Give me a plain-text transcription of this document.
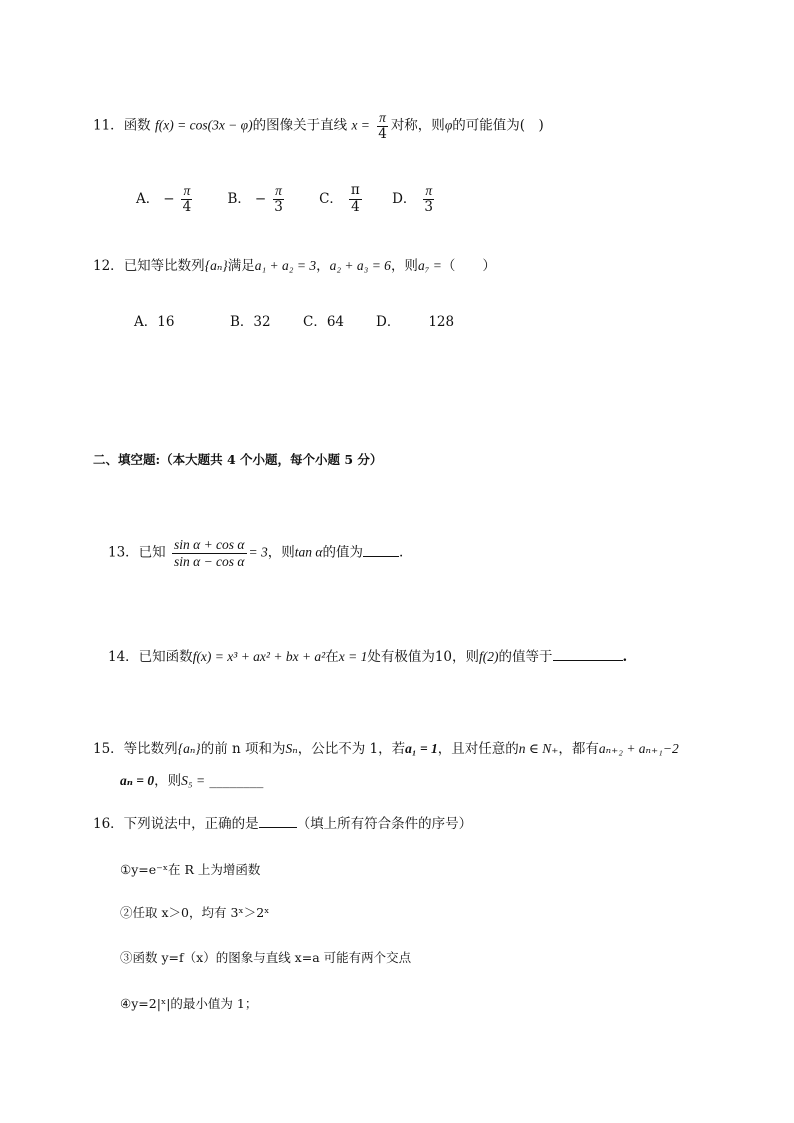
11．函数 f(x) = cos(3x − φ)的图像关于直线 $x = \frac{\pi}{4}$ 对称，则φ的可能值为(　)
A． − $\frac{\pi}{4}$
	B． − $\frac{\pi}{3}$
	C． $\frac{\pi}{4}$
D． $\frac{\pi}{3}$
12．已知等比数列{aₙ}满足a₁ + a₂ = 3，a₂ + a₃ = 6，则a₇ =（　　）
A．16	B．32 C．64 D． 128
二、填空题:（本大题共 4 个小题，每个小题 5 分）
13．已知 $\frac{\text{sin α + cos α}}{\text{sin α − cos α}} = 3$，则tan α的值为	.
14．已知函数f(x) = x³ + ax² + bx + a²在x = 1处有极值为10，则f(2)的值等于	.
15．等比数列{aₙ}的前 n 项和为Sₙ，公比不为 1，若a₁ = 1，且对任意的n ∈ N₊，都有aₙ₊₂ + aₙ₊₁−2
aₙ = 0，则S₅ = ________
16．下列说法中，正确的是	（填上所有符合条件的序号）
①y=e⁻ˣ在 R 上为增函数
②任取 x＞0，均有 3ˣ＞2ˣ
③函数 y=f（x）的图象与直线 x=a 可能有两个交点
④y=2|ˣ|的最小值为 1；
